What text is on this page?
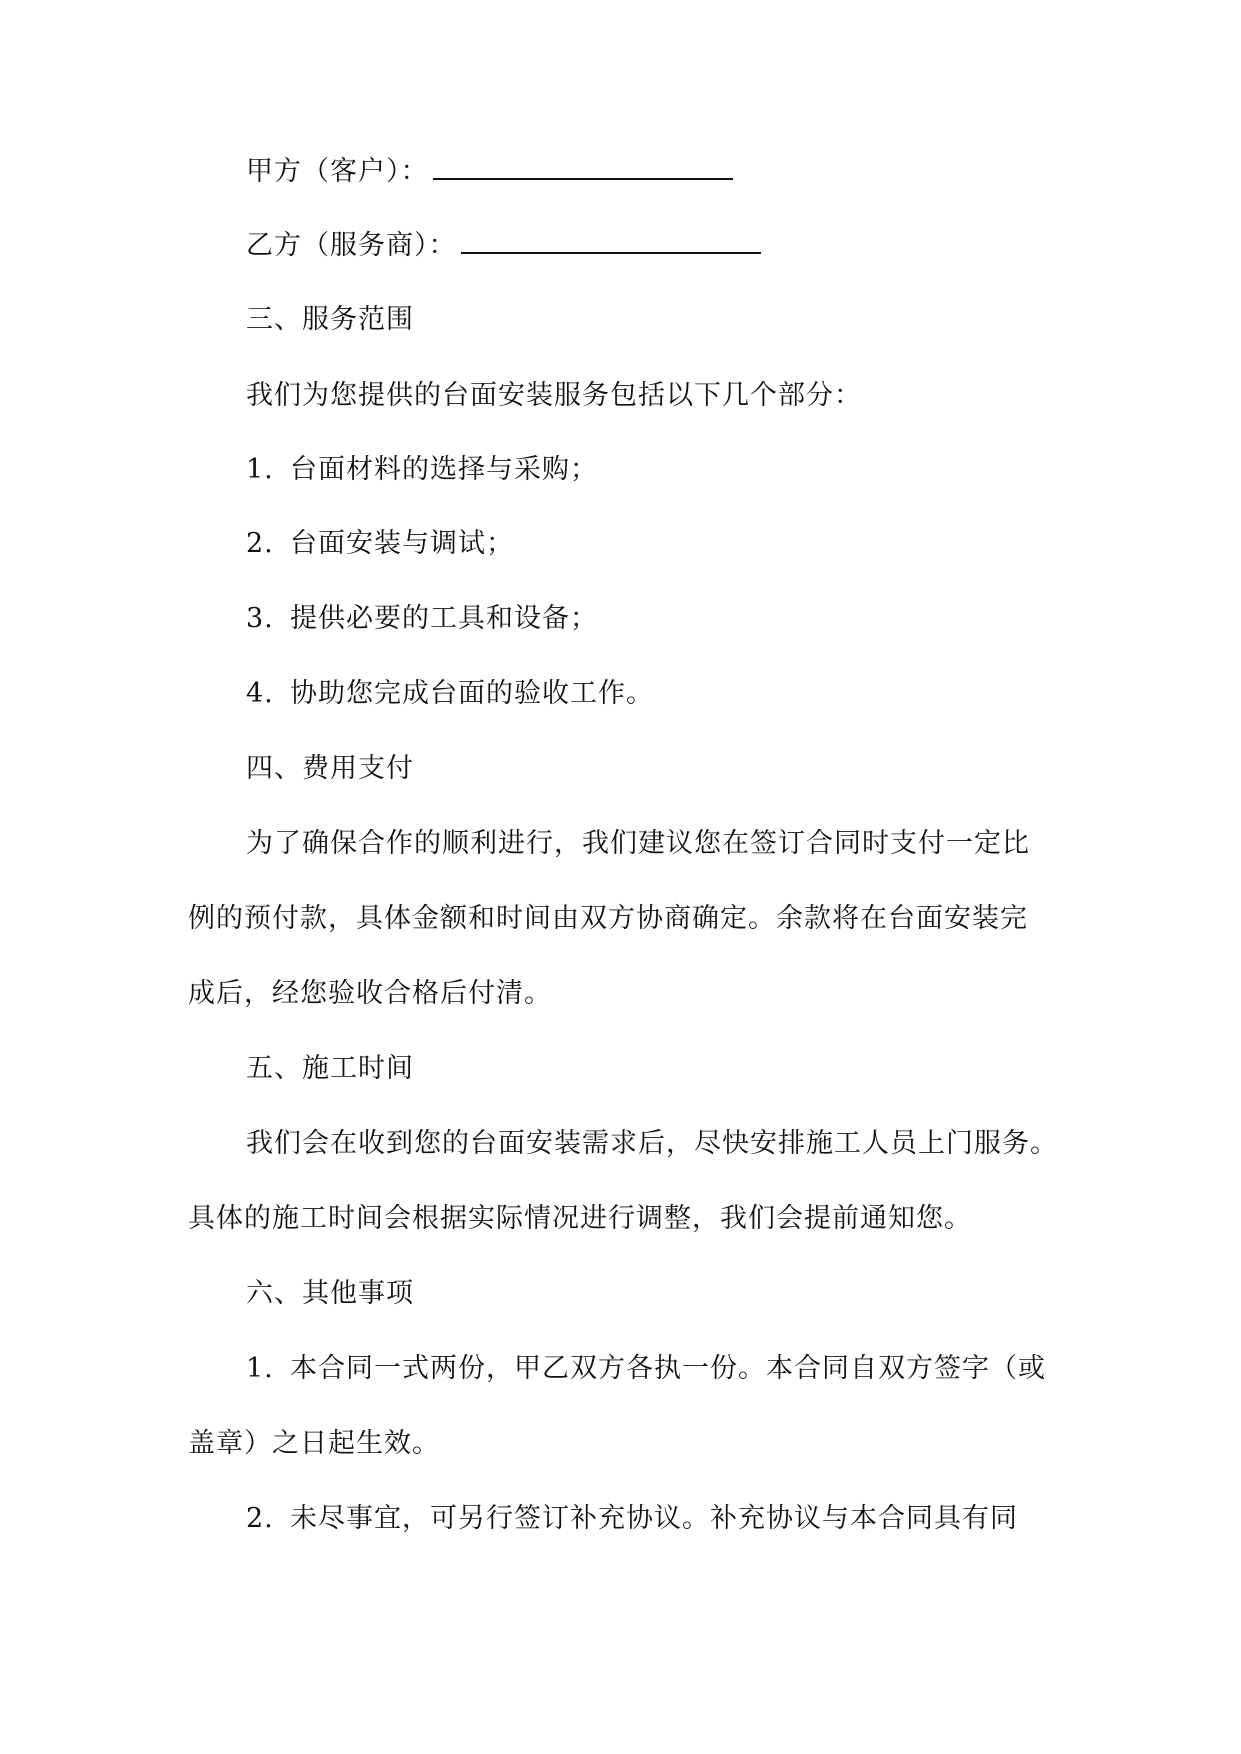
甲方（客户）：
乙方（服务商）：
三、服务范围
我们为您提供的台面安装服务包括以下几个部分：
1. 台面材料的选择与采购；
2. 台面安装与调试；
3. 提供必要的工具和设备；
4. 协助您完成台面的验收工作。
四、费用支付
为了确保合作的顺利进行，我们建议您在签订合同时支付一定比
例的预付款，具体金额和时间由双方协商确定。余款将在台面安装完
成后，经您验收合格后付清。
五、施工时间
我们会在收到您的台面安装需求后，尽快安排施工人员上门服务。
具体的施工时间会根据实际情况进行调整，我们会提前通知您。
六、其他事项
1. 本合同一式两份，甲乙双方各执一份。本合同自双方签字（或
盖章）之日起生效。
2. 未尽事宜，可另行签订补充协议。补充协议与本合同具有同
